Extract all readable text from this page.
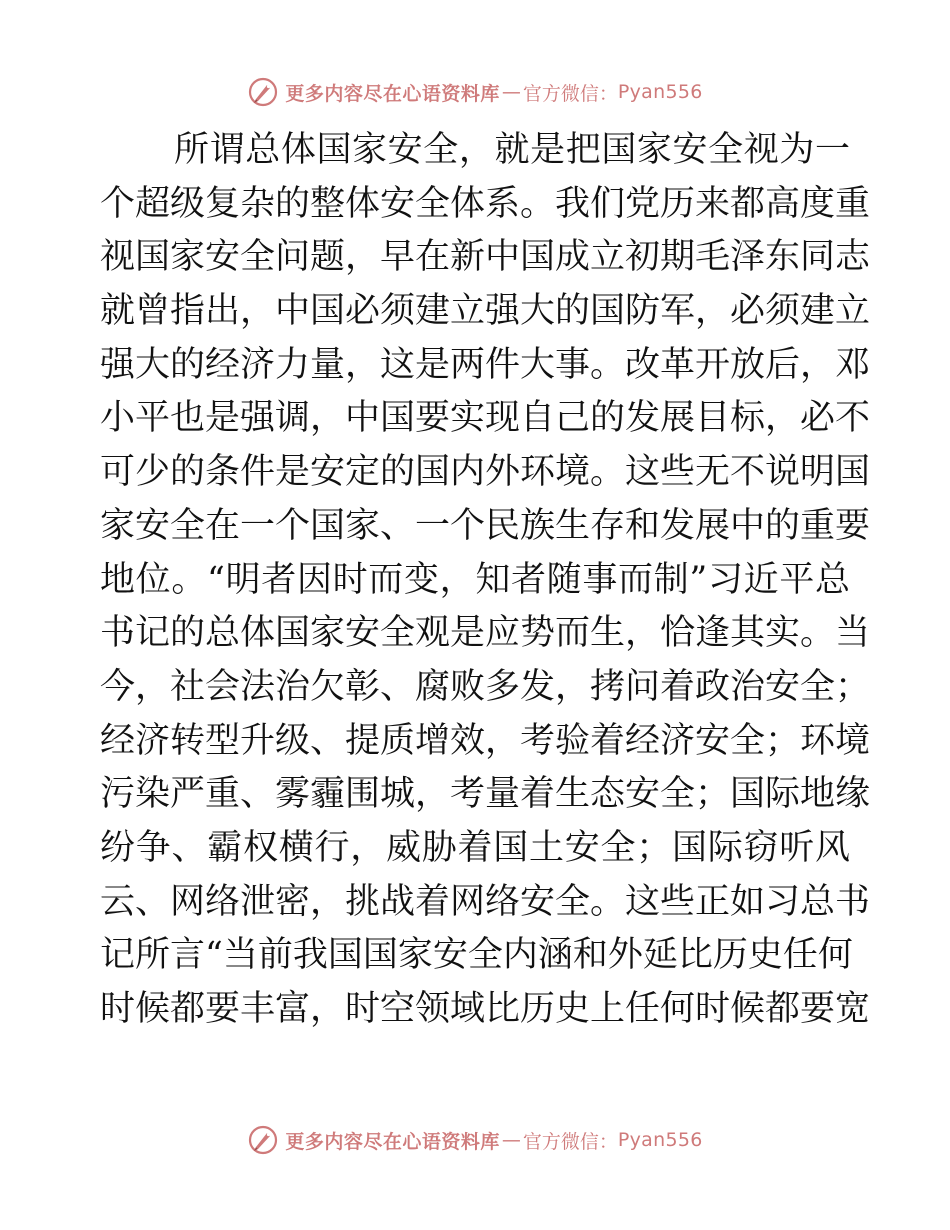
更多内容尽在心语资料库 — 官方微信： Pyan556
所谓总体国家安全，就是把国家安全视为一
个超级复杂的整体安全体系。我们党历来都高度重
视国家安全问题，早在新中国成立初期毛泽东同志
就曾指出，中国必须建立强大的国防军，必须建立
强大的经济力量，这是两件大事。改革开放后，邓
小平也是强调，中国要实现自己的发展目标，必不
可少的条件是安定的国内外环境。这些无不说明国
家安全在一个国家、一个民族生存和发展中的重要
地位。“明者因时而变，知者随事而制”习近平总
书记的总体国家安全观是应势而生，恰逢其实。当
今，社会法治欠彰、腐败多发，拷问着政治安全；
经济转型升级、提质增效，考验着经济安全；环境
污染严重、雾霾围城，考量着生态安全；国际地缘
纷争、霸权横行，威胁着国土安全；国际窃听风
云、网络泄密，挑战着网络安全。这些正如习总书
记所言“当前我国国家安全内涵和外延比历史任何
时候都要丰富，时空领域比历史上任何时候都要宽
更多内容尽在心语资料库 — 官方微信： Pyan556
